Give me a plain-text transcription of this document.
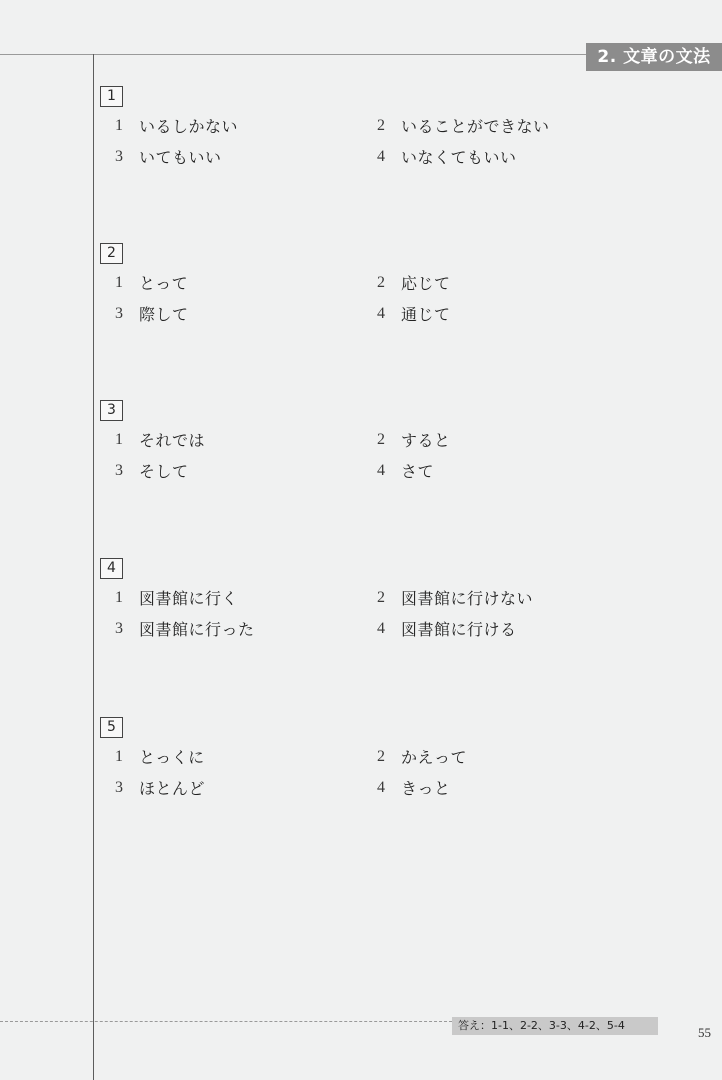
2. 文章の文法
1
1 いるしかない	2 いることができない
3 いてもいい	4 いなくてもいい
2
1 とって	2 応じて
3 際して	4 通じて
3
1 それでは	2 すると
3 そして	4 さて
4
1 図書館に行く	2 図書館に行けない
3 図書館に行った	4 図書館に行ける
5
1 とっくに	2 かえって
3 ほとんど	4 きっと
答え：1-1、2-2、3-3、4-2、5-4	55
